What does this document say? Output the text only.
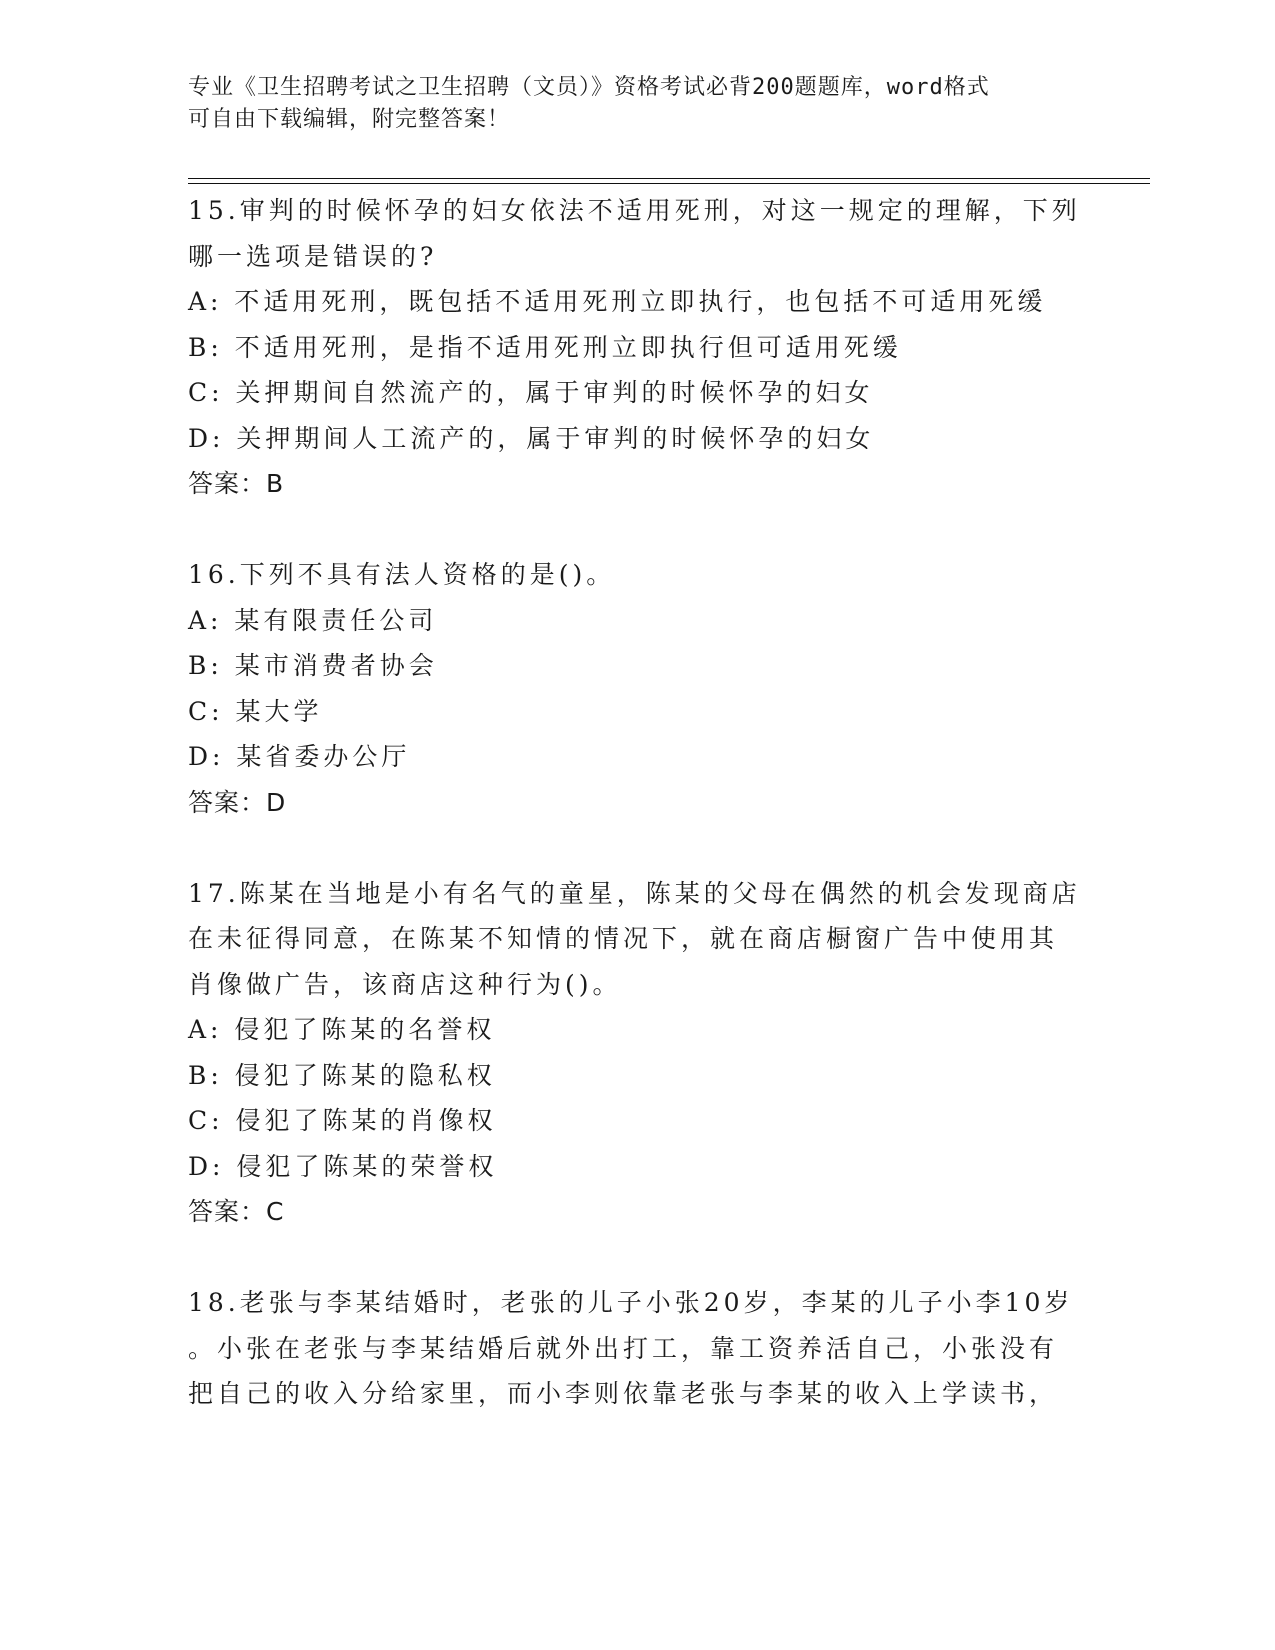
专业《卫生招聘考试之卫生招聘（文员）》资格考试必背200题题库，word格式

可自由下载编辑，附完整答案！

15.审判的时候怀孕的妇女依法不适用死刑，对这一规定的理解，下列

哪一选项是错误的?

A: 不适用死刑，既包括不适用死刑立即执行，也包括不可适用死缓

B: 不适用死刑，是指不适用死刑立即执行但可适用死缓

C: 关押期间自然流产的，属于审判的时候怀孕的妇女

D: 关押期间人工流产的，属于审判的时候怀孕的妇女

答案：B

16.下列不具有法人资格的是()。

A: 某有限责任公司

B: 某市消费者协会

C: 某大学

D: 某省委办公厅

答案：D

17.陈某在当地是小有名气的童星，陈某的父母在偶然的机会发现商店

在未征得同意，在陈某不知情的情况下，就在商店橱窗广告中使用其

肖像做广告，该商店这种行为()。

A: 侵犯了陈某的名誉权

B: 侵犯了陈某的隐私权

C: 侵犯了陈某的肖像权

D: 侵犯了陈某的荣誉权

答案：C

18.老张与李某结婚时，老张的儿子小张20岁，李某的儿子小李10岁

。小张在老张与李某结婚后就外出打工，靠工资养活自己，小张没有

把自己的收入分给家里，而小李则依靠老张与李某的收入上学读书，
